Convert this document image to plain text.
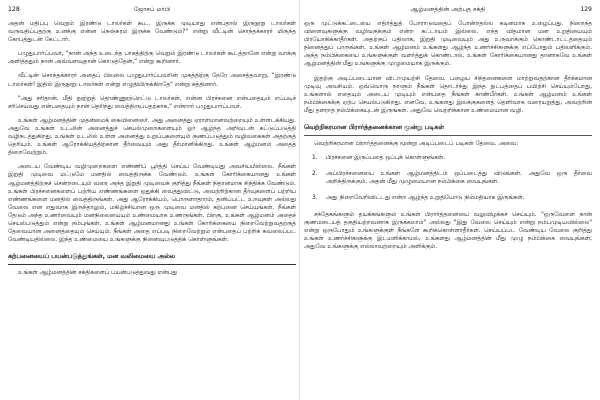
128	ஜோசப் மர்பி

அதன் மதிப்பு வெறும் இரண்டு டாலர்கள் கூட. இருக்க முடியாது என்பதால் இருநூறு டாலர்கள் வருவதிப்பதற்கு உனக்கு என்ன நெஞ்சுரம் இருக்க வேண்டும்?" என்று வீட்டின் சொந்தக்காரர் மிகுந்த கோபத்துடன் கேட்டார்.

பழுதுபார்ப்பவர், "நான் அந்த உடைந்த பாகத்திற்கு வெறும் இரண்டு டாலர்கள் கூடத்தானே என்று வாக்கு அளித்ததும் நான் அவ்வளவுதான் கொடுத்தேன்," என்று கூறினார்.

வீட்டின் சொந்தக்காரர் அதைப் பிலலை பழுதுபார்ப்பவரின் முகத்திற்கு நேரே அசைத்தவாறு, "இரண்டு டாலர்கள்! இதில் இருநூறு டாலர்கள் என்று எழுதியிருக்கிறதே" என்று கத்தினார்.

"அது சரிதான். மீதி நூற்றுத் தொண்ணூற்றெட்டு டாலர்கள், என்ன பிரச்சனை என்பதையும் எப்படிச் சரிசெய்வது என்பதையும் நான் தெரிந்து வைத்திருப்பதற்காக," என்றார் பழுதுபார்ப்பவர்.

உங்கள் ஆழ்மனத்தின் முதன்மைக் கைவினைஞர். அது அனைத்து ஏராளமானவற்றையும் உள்ளடக்கியது. அதுவே உங்கள் உடலின் அனைத்துச் செயல்முறைகளையும் ஓர் ஆழ்ந்த அறிவுடன் கட்டுப்படுத்தி வழிநடத்துகிறது. உங்கள் உடலில் உள்ள அனைத்து உறுப்புகளையும் குணப்படுத்தும் வழிவகைகள் அதற்குத் தெரியும். உங்கள் ஆரோக்கியத்திற்கான தீர்வையும் அது தீர்மானிக்கிறது. உங்கள் ஆழ்மனம் அதைத் திறைவேற்றும்.

அடைய வேண்டிய வழிமுறைகளை எண்ணிப் பூர்த்தி செய்ய வேண்டியது அவசியமில்லை. நீங்கள் இறுதி முடிவை மட்டுமே மனதில் வைத்திருக்க வேண்டும். உங்கள் கோரிக்கையானது உங்கள் ஆழ்மனத்திற்குச் சென்றடையும் வரை அந்த இறுதி முடிவைக் குறித்து நீங்கள் நிதானமாக சிந்திக்க வேண்டும். உங்கள் பிரச்சனைகளைப் பற்றிய எண்ணங்களை ஒதுக்கி வைத்துவிட்டு, அவற்றிற்கான தீர்வுகளைப் பற்றிய எண்ணங்களை மனதில் வைத்திருங்கள். அது ஆரோக்கியம், பொருளாதாரம், தனிப்பட்ட உறவுகள் அல்லது வேலை என எதுவாக இருந்தாலும், மகிழ்ச்சியான ஒரு முடிவை மனதில் கற்பனை செய்யுங்கள். நீங்கள் தேடும் அந்த உணர்வையும் மனநிலையையும் உண்மையாக உணருங்கள். பிறகு, உங்கள் ஆழ்மனம் அதைச் செயல்படுத்தும் என்று நம்புங்கள். உங்கள் ஆழ்மனமானது உங்கள் கோரிக்கையை நிறைவேற்றுவதற்குத் தேவையான அனைத்தையும் செய்யும். நீங்கள் அதை எப்படி நிறைவேற்றும் என்பதைப் பற்றிக் கவலைப்பட வேண்டியதில்லை. இந்த உண்மையை உங்களுக்கு நினைவுபடுத்திக் கொள்ளுங்கள்.

கற்பனையைப் பயன்படுத்துங்கள், மன வலிமையை அல்ல

உங்கள் ஆழ்மனத்தின் சக்திகளைப் பயன்படுத்துவது என்பது

ஆழ்மனத்தின் அற்புத சக்தி	129

ஒரு முட்டுக்கட்டையை எதிர்த்துத் போராடுவதைப் போன்றதல்ல கடினமாக உழைப்பது. நிறைந்த விளைவுகளுக்கு வழிவகுக்கும் என்ற கட்டாயம் இல்லை. எந்த விதமான மன உறுதியையும் பிரயோகிக்காதீர்கள். அதற்குப் பதிலாக, இறுதி முடிவையும் அது உருவாக்கும் கொண்டாட்டத்தையும் நினைத்துப் பாருங்கள். உங்கள் ஆழ்மனம் உங்களது ஆழ்ந்த உணர்ச்சிகளுக்கு எப்போதும் பதிலளிக்கும். அந்த நம்பிக்கையை உங்களுக்குள் வளர்த்துக் கொண்டால், உங்கள் கோரிக்கையானது தானாகவே உங்கள் ஆழ்மனத்தின் மீது உங்களுக்கு முழுமையாக இருக்கும்.

இதற்கு அடிப்படையான விடாமுயற்சி தேவை. பழைய சிந்தனைகளை மாற்றுவதற்கான தீர்க்கமான முடிவு அவசியம். ஒவ்வொரு நாளும் நீங்கள் தொடர்ந்து இந்த நுட்பத்தைப் பயிற்சி செய்யும்போது, உங்களால் எதையும் அடைய முடியும் என்பதை நீங்கள் காண்பீர்கள். உங்கள் ஆழ்மனம் உங்கள் நம்பிக்கைக்கு ஏற்ப செயல்படுகிறது. எனவே, உங்களது இலக்குகளைத் தெளிவாக வரையறுத்து, அவற்றின் மீது தளராத நம்பிக்கையுடன் இருங்கள். அதுவே வெற்றிக்கான உண்மையான வழி.

வெற்றிகரமான பிரார்த்தனைக்கான மூன்று படிகள்

வெற்றிகரமான பிரார்த்தனைக்கு மூன்று அடிப்படைப் படிகள் தேவை. அவை:

1. பிரச்சனை இருப்பதை ஒப்புக் கொள்ளுங்கள்.
2. அப்பிரச்சனையை உங்கள் ஆழ்மனத்திடம் ஒப்படைத்து விடுங்கள். அதுவே ஒரு தீர்வை அறிந்திருக்கும். அதன் மீது முழுமையான நம்பிக்கை வையுங்கள்.
3. அது நிறைவேறிவிட்டது என்ற ஆழ்ந்த உறுதியோடு நிம்மதியாக இருங்கள்.

சந்தேகங்களும் தயக்கங்களும் உங்கள் பிரார்த்தனையை வலுவிழக்கச் செய்யும். "ஒருவேளை நான் குணமடையத் தகுதியற்றவனாக இருக்கலாம்" அல்லது "இது வேலை செய்யும் என்று நம்பமுடியவில்லை" என்று ஒருபோதும் உங்களுக்குள் நீங்களே கூறிக்கொள்ளாதீர்கள். செய்யப்பட வேண்டிய வேலை குறித்து உங்கள் உணர்ச்சிகளுக்கு இடமளிக்காமல், உங்களது ஆழ்மனத்தின் மீது முழு நம்பிக்கை வையுங்கள்; அதுவே உங்களுக்கு எல்லாவற்றையும் அளிக்கும்.
